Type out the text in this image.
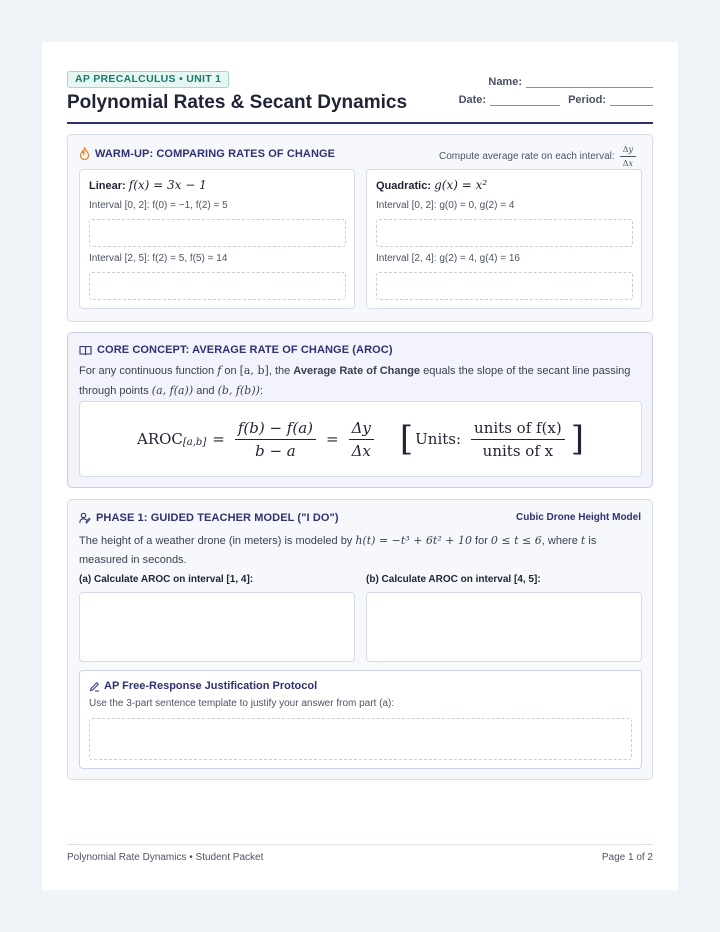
AP PRECALCULUS • UNIT 1
Polynomial Rates & Secant Dynamics
Name:
Date:	Period:
WARM-UP: COMPARING RATES OF CHANGE	Compute average rate on each interval: $\frac{\Delta y}{\Delta x}$
Linear: f(x) = 3x − 1
Interval [0, 2]: f(0) = −1, f(2) = 5
Interval [2, 5]: f(2) = 5, f(5) = 14
Quadratic: g(x) = x²
Interval [0, 2]: g(0) = 0, g(2) = 4
Interval [2, 4]: g(2) = 4, g(4) = 16
CORE CONCEPT: AVERAGE RATE OF CHANGE (AROC)
For any continuous function f on [a, b], the Average Rate of Change equals the slope of the secant line passing through points (a, f(a)) and (b, f(b)):
$AROC_{[a,b]} = \frac{f(b) - f(a)}{b - a} = \frac{\Delta y}{\Delta x}$ [ Units: $\frac{\text{units of f(x)}}{\text{units of x}}$ ]
PHASE 1: GUIDED TEACHER MODEL ("I DO")	Cubic Drone Height Model
The height of a weather drone (in meters) is modeled by h(t) = −t³ + 6t² + 10 for 0 ≤ t ≤ 6, where t is measured in seconds.
(a) Calculate AROC on interval [1, 4]:	(b) Calculate AROC on interval [4, 5]:
AP Free-Response Justification Protocol
Use the 3-part sentence template to justify your answer from part (a):
Polynomial Rate Dynamics • Student Packet	Page 1 of 2
